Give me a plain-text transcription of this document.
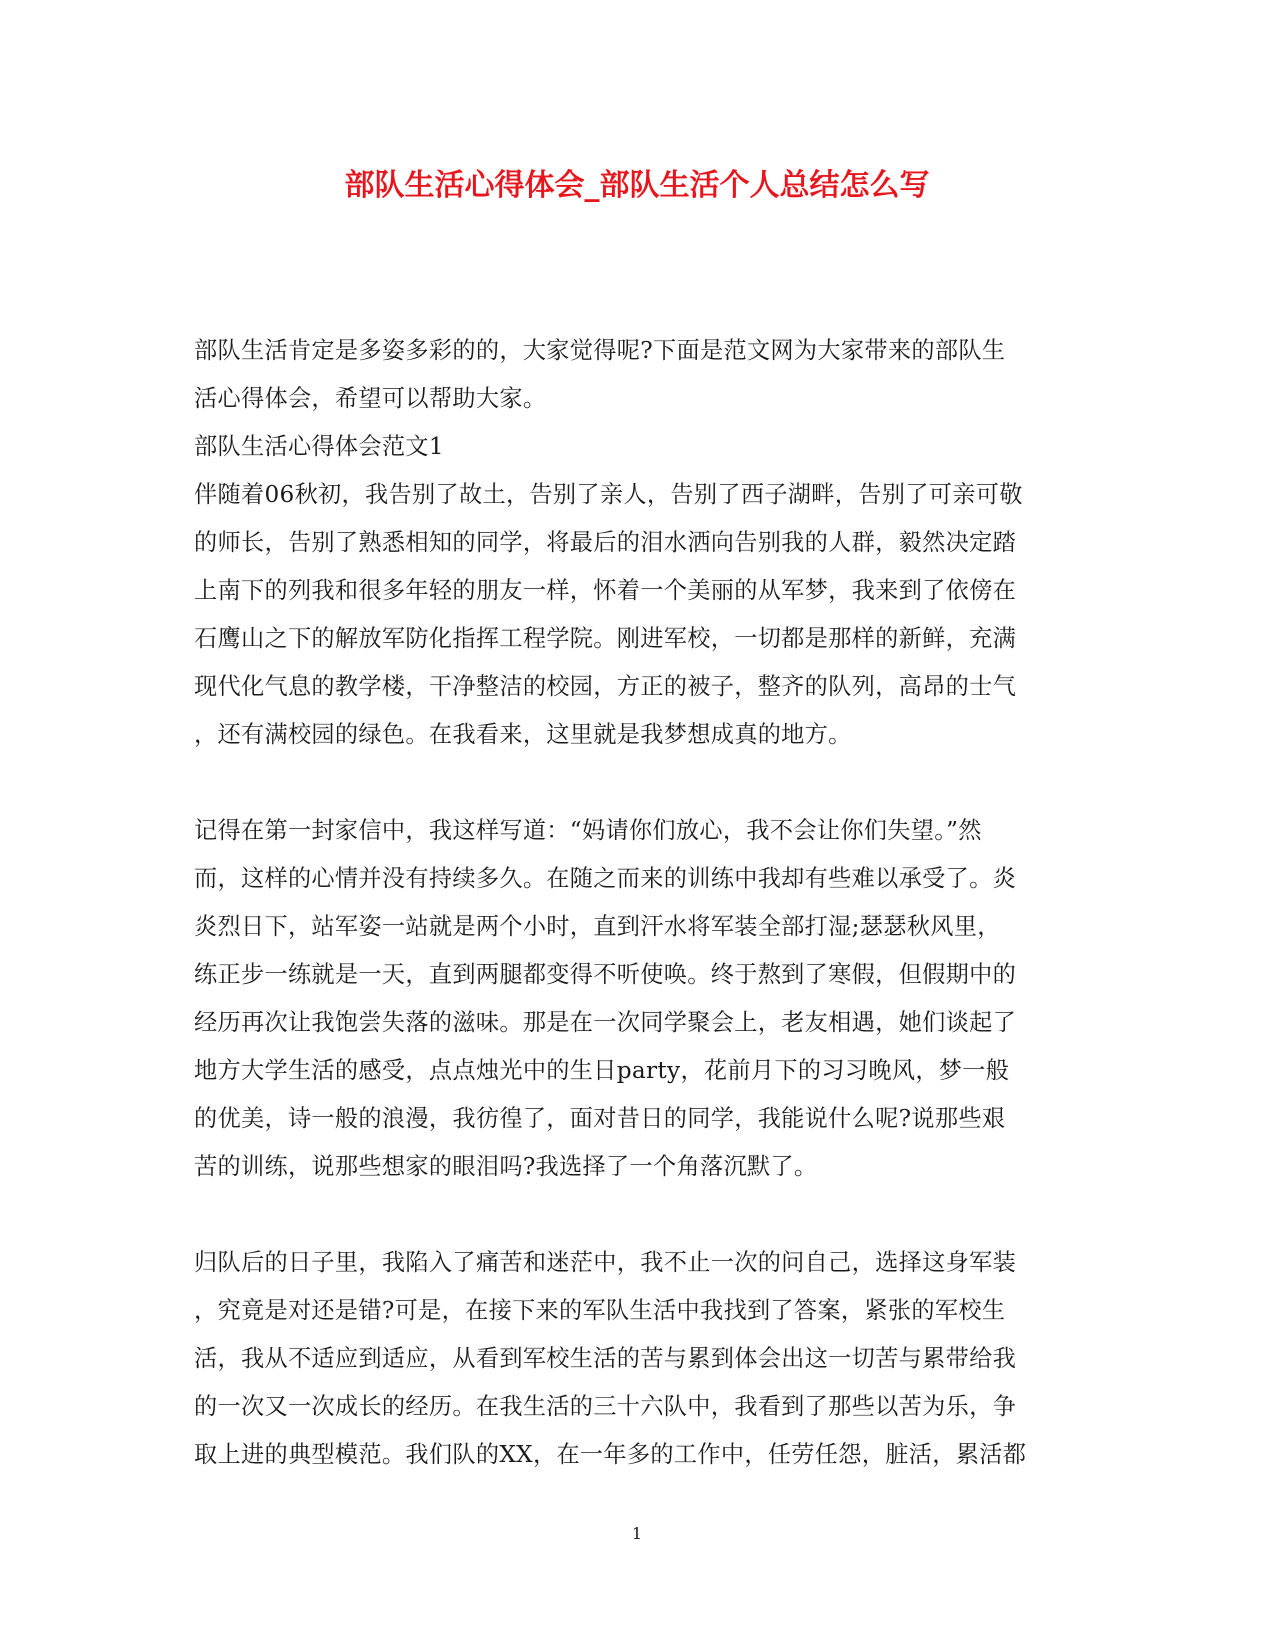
部队生活心得体会_部队生活个人总结怎么写
部队生活肯定是多姿多彩的的，大家觉得呢?下面是范文网为大家带来的部队生
活心得体会，希望可以帮助大家。
部队生活心得体会范文1
伴随着06秋初，我告别了故土，告别了亲人，告别了西子湖畔，告别了可亲可敬
的师长，告别了熟悉相知的同学，将最后的泪水洒向告别我的人群，毅然决定踏
上南下的列我和很多年轻的朋友一样，怀着一个美丽的从军梦，我来到了依傍在
石鹰山之下的解放军防化指挥工程学院。刚进军校，一切都是那样的新鲜，充满
现代化气息的教学楼，干净整洁的校园，方正的被子，整齐的队列，高昂的士气
，还有满校园的绿色。在我看来，这里就是我梦想成真的地方。
记得在第一封家信中，我这样写道：“妈请你们放心，我不会让你们失望。”然
而，这样的心情并没有持续多久。在随之而来的训练中我却有些难以承受了。炎
炎烈日下，站军姿一站就是两个小时，直到汗水将军装全部打湿;瑟瑟秋风里，
练正步一练就是一天，直到两腿都变得不听使唤。终于熬到了寒假，但假期中的
经历再次让我饱尝失落的滋味。那是在一次同学聚会上，老友相遇，她们谈起了
地方大学生活的感受，点点烛光中的生日party，花前月下的习习晚风，梦一般
的优美，诗一般的浪漫，我彷徨了，面对昔日的同学，我能说什么呢?说那些艰
苦的训练，说那些想家的眼泪吗?我选择了一个角落沉默了。
归队后的日子里，我陷入了痛苦和迷茫中，我不止一次的问自己，选择这身军装
，究竟是对还是错?可是，在接下来的军队生活中我找到了答案，紧张的军校生
活，我从不适应到适应，从看到军校生活的苦与累到体会出这一切苦与累带给我
的一次又一次成长的经历。在我生活的三十六队中，我看到了那些以苦为乐，争
取上进的典型模范。我们队的XX，在一年多的工作中，任劳任怨，脏活，累活都
1
